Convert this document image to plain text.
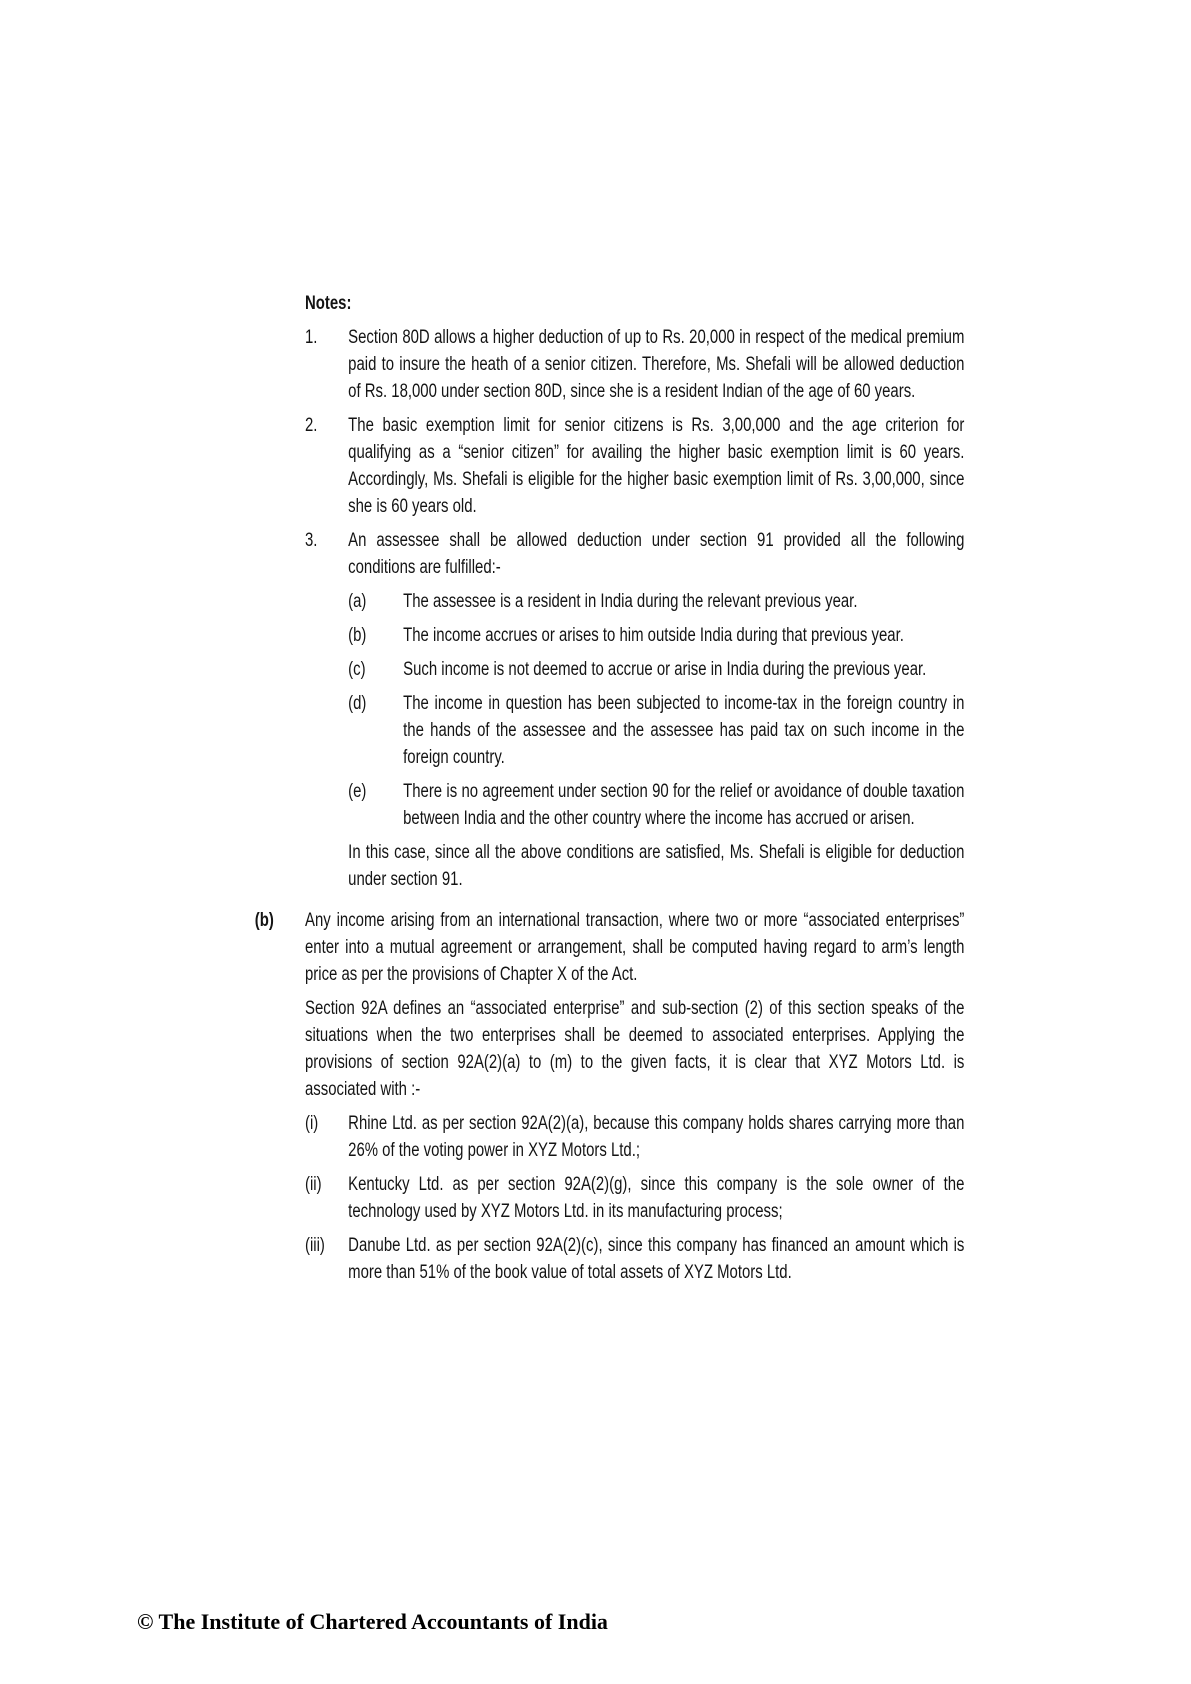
Notes:
1.	Section 80D allows a higher deduction of up to Rs. 20,000 in respect of the medical premium paid to insure the heath of a senior citizen. Therefore, Ms. Shefali will be allowed deduction of Rs. 18,000 under section 80D, since she is a resident Indian of the age of 60 years.
2.	The basic exemption limit for senior citizens is Rs. 3,00,000 and the age criterion for qualifying as a “senior citizen” for availing the higher basic exemption limit is 60 years. Accordingly, Ms. Shefali is eligible for the higher basic exemption limit of Rs. 3,00,000, since she is 60 years old.
3.	An assessee shall be allowed deduction under section 91 provided all the following conditions are fulfilled:-
(a)	The assessee is a resident in India during the relevant previous year.
(b)	The income accrues or arises to him outside India during that previous year.
(c)	Such income is not deemed to accrue or arise in India during the previous year.
(d)	The income in question has been subjected to income-tax in the foreign country in the hands of the assessee and the assessee has paid tax on such income in the foreign country.
(e)	There is no agreement under section 90 for the relief or avoidance of double taxation between India and the other country where the income has accrued or arisen.
In this case, since all the above conditions are satisfied, Ms. Shefali is eligible for deduction under section 91.
(b)	Any income arising from an international transaction, where two or more “associated enterprises” enter into a mutual agreement or arrangement, shall be computed having regard to arm’s length price as per the provisions of Chapter X of the Act.
Section 92A defines an “associated enterprise” and sub-section (2) of this section speaks of the situations when the two enterprises shall be deemed to associated enterprises. Applying the provisions of section 92A(2)(a) to (m) to the given facts, it is clear that XYZ Motors Ltd. is associated with :-
(i)	Rhine Ltd. as per section 92A(2)(a), because this company holds shares carrying more than 26% of the voting power in XYZ Motors Ltd.;
(ii)	Kentucky Ltd. as per section 92A(2)(g), since this company is the sole owner of the technology used by XYZ Motors Ltd. in its manufacturing process;
(iii)	Danube Ltd. as per section 92A(2)(c), since this company has financed an amount which is more than 51% of the book value of total assets of XYZ Motors Ltd.
© The Institute of Chartered Accountants of India
